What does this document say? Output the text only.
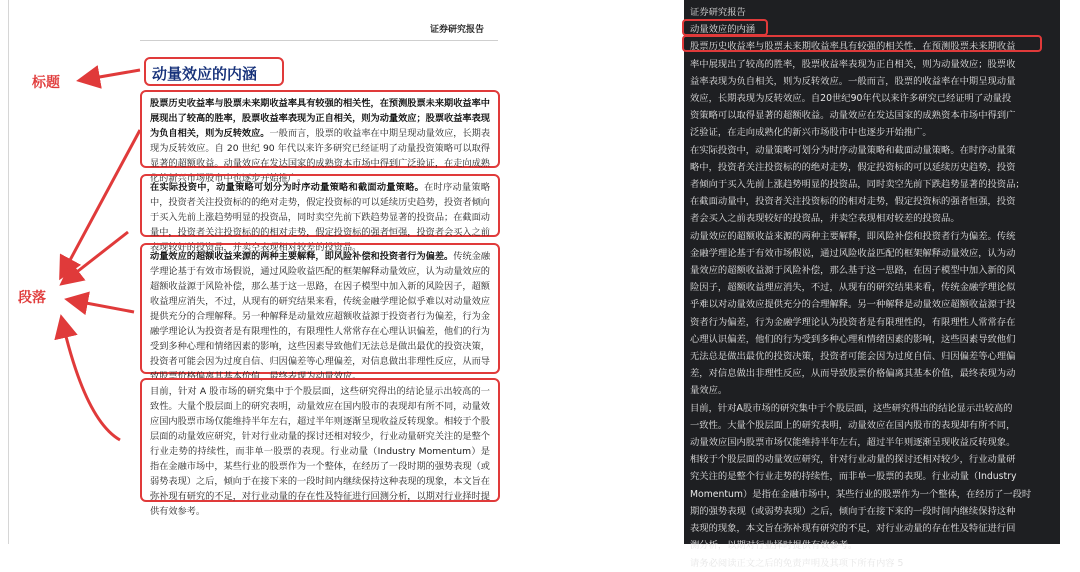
证券研究报告
动量效应的内涵
股票历史收益率与股票未来期收益率具有较强的相关性，在预测股票未来期收益率中展现出了较高的胜率，股票收益率表现为正自相关，则为动量效应；股票收益率表现为负自相关，则为反转效应。一般而言，股票的收益率在中期呈现动量效应，长期表现为反转效应。自 20 世纪 90 年代以来许多研究已经证明了动量投资策略可以取得显著的超额收益。动量效应在发达国家的成熟资本市场中得到广泛验证，在走向成熟化的新兴市场股市中也逐步开始推广。
在实际投资中，动量策略可划分为时序动量策略和截面动量策略。在时序动量策略中，投资者关注投资标的的绝对走势，假定投资标的可以延续历史趋势，投资者倾向于买入先前上涨趋势明显的投资品，同时卖空先前下跌趋势显著的投资品；在截面动量中，投资者关注投资标的的相对走势，假定投资标的强者恒强，投资者会买入之前表现较好的投资品，并卖空表现相对较差的投资品。
动量效应的超额收益来源的两种主要解释，即风险补偿和投资者行为偏差。传统金融学理论基于有效市场假说，通过风险收益匹配的框架解释动量效应，认为动量效应的超额收益源于风险补偿，那么基于这一思路，在因子模型中加入新的风险因子，超额收益理应消失，不过，从现有的研究结果来看，传统金融学理论似乎难以对动量效应提供充分的合理解释。另一种解释是动量效应超额收益源于投资者行为偏差，行为金融学理论认为投资者是有限理性的，有限理性人常常存在心理认识偏差，他们的行为受到多种心理和情绪因素的影响，这些因素导致他们无法总是做出最优的投资决策，投资者可能会因为过度自信、归因偏差等心理偏差，对信息做出非理性反应，从而导致股票价格偏离其基本价值，最终表现为动量效应。
目前，针对 A 股市场的研究集中于个股层面，这些研究得出的结论显示出较高的一致性。大量个股层面上的研究表明，动量效应在国内股市的表现却有所不同，动量效应国内股票市场仅能维持半年左右，超过半年则逐渐呈现收益反转现象。相较于个股层面的动量效应研究，针对行业动量的探讨还相对较少，行业动量研究关注的是整个行业走势的持续性，而非单一股票的表现。行业动量（Industry Momentum）是指在金融市场中，某些行业的股票作为一个整体，在经历了一段时期的强势表现（或弱势表现）之后，倾向于在接下来的一段时间内继续保持这种表现的现象，本文旨在弥补现有研究的不足，对行业动量的存在性及特征进行回测分析，以期对行业择时提供有效参考。
标题
段落
证券研究报告
动量效应的内涵
股票历史收益率与股票未来期收益率具有较强的相关性，在预测股票未来期收益
率中展现出了较高的胜率，股票收益率表现为正自相关，则为动量效应；股票收
益率表现为负自相关，则为反转效应。一般而言，股票的收益率在中期呈现动量
效应，长期表现为反转效应。自20世纪90年代以来许多研究已经证明了动量投
资策略可以取得显著的超额收益。动量效应在发达国家的成熟资本市场中得到广
泛验证，在走向成熟化的新兴市场股市中也逐步开始推广。
在实际投资中，动量策略可划分为时序动量策略和截面动量策略。在时序动量策
略中，投资者关注投资标的的绝对走势，假定投资标的可以延续历史趋势，投资
者倾向于买入先前上涨趋势明显的投资品，同时卖空先前下跌趋势显著的投资品；
在截面动量中，投资者关注投资标的的相对走势，假定投资标的强者恒强，投资
者会买入之前表现较好的投资品，并卖空表现相对较差的投资品。
动量效应的超额收益来源的两种主要解释，即风险补偿和投资者行为偏差。传统
金融学理论基于有效市场假说，通过风险收益匹配的框架解释动量效应，认为动
量效应的超额收益源于风险补偿，那么基于这一思路，在因子模型中加入新的风
险因子，超额收益理应消失，不过，从现有的研究结果来看，传统金融学理论似
乎难以对动量效应提供充分的合理解释。另一种解释是动量效应超额收益源于投
资者行为偏差，行为金融学理论认为投资者是有限理性的，有限理性人常常存在
心理认识偏差，他们的行为受到多种心理和情绪因素的影响，这些因素导致他们
无法总是做出最优的投资决策，投资者可能会因为过度自信、归因偏差等心理偏
差，对信息做出非理性反应，从而导致股票价格偏离其基本价值，最终表现为动
量效应。
目前，针对A股市场的研究集中于个股层面，这些研究得出的结论显示出较高的
一致性。大量个股层面上的研究表明，动量效应在国内股市的表现却有所不同，
动量效应国内股票市场仅能维持半年左右，超过半年则逐渐呈现收益反转现象。
相较于个股层面的动量效应研究，针对行业动量的探讨还相对较少，行业动量研
究关注的是整个行业走势的持续性，而非单一股票的表现。行业动量（Industry
Momentum）是指在金融市场中，某些行业的股票作为一个整体，在经历了一段时
期的强势表现（或弱势表现）之后，倾向于在接下来的一段时间内继续保持这种
表现的现象，本文旨在弥补现有研究的不足，对行业动量的存在性及特征进行回
测分析，以期对行业择时提供有效参考。
请务必阅读正文之后的免责声明及其项下所有内容 5
